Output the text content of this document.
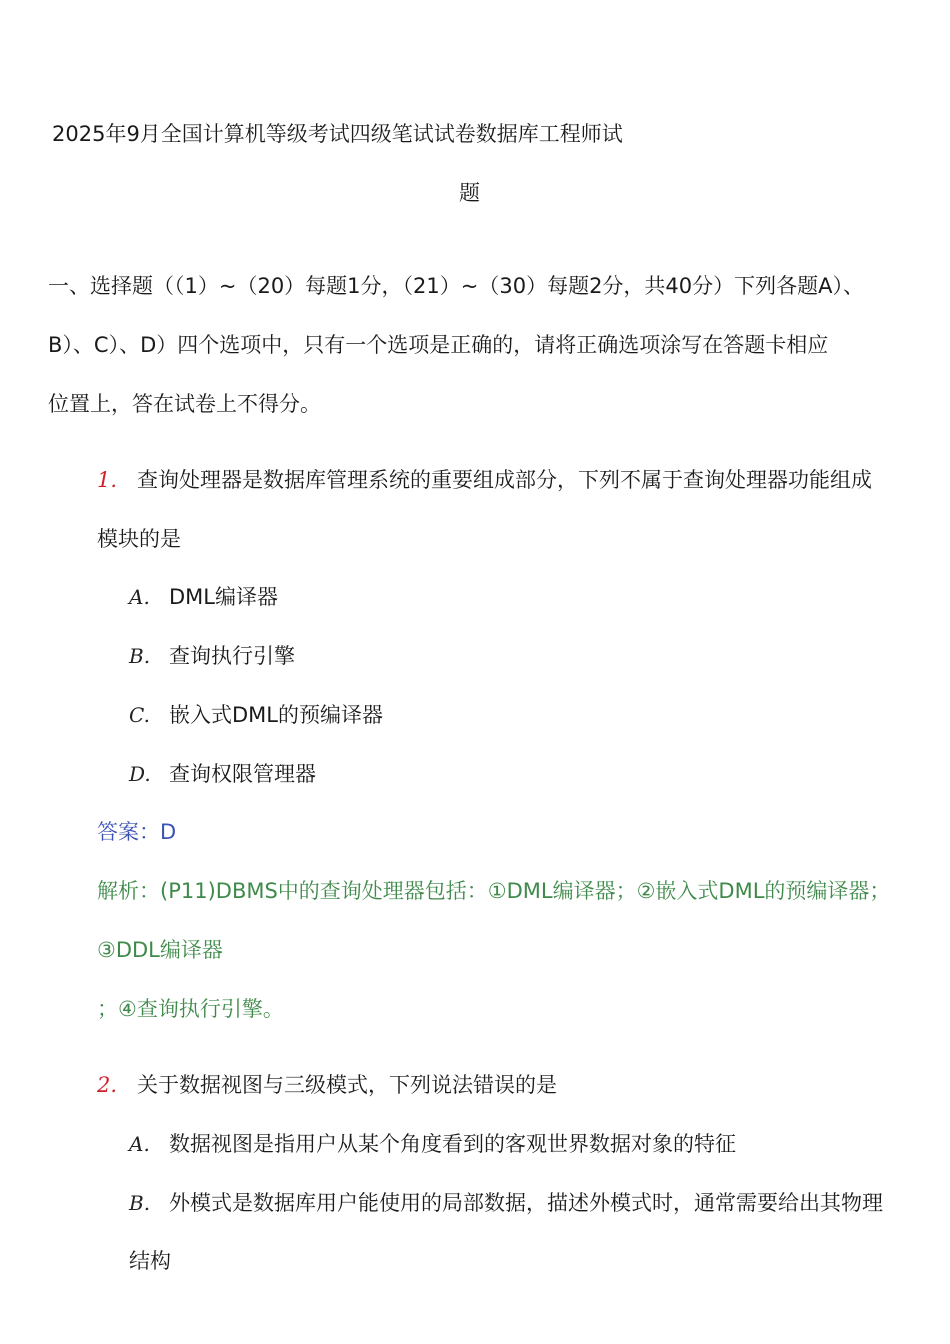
2025年9月全国计算机等级考试四级笔试试卷数据库工程师试
题
一、选择题（（1）~（20）每题1分，（21）~（30）每题2分，共40分）下列各题A）、
B）、C）、D）四个选项中，只有一个选项是正确的，请将正确选项涂写在答题卡相应
位置上，答在试卷上不得分。
1. 查询处理器是数据库管理系统的重要组成部分，下列不属于查询处理器功能组成
模块的是
A. DML编译器
B. 查询执行引擎
C. 嵌入式DML的预编译器
D. 查询权限管理器
答案：D
解析：(P11)DBMS中的查询处理器包括：①DML编译器；②嵌入式DML的预编译器；
③DDL编译器
；④查询执行引擎。
2. 关于数据视图与三级模式，下列说法错误的是
A. 数据视图是指用户从某个角度看到的客观世界数据对象的特征
B. 外模式是数据库用户能使用的局部数据，描述外模式时，通常需要给出其物理
结构
